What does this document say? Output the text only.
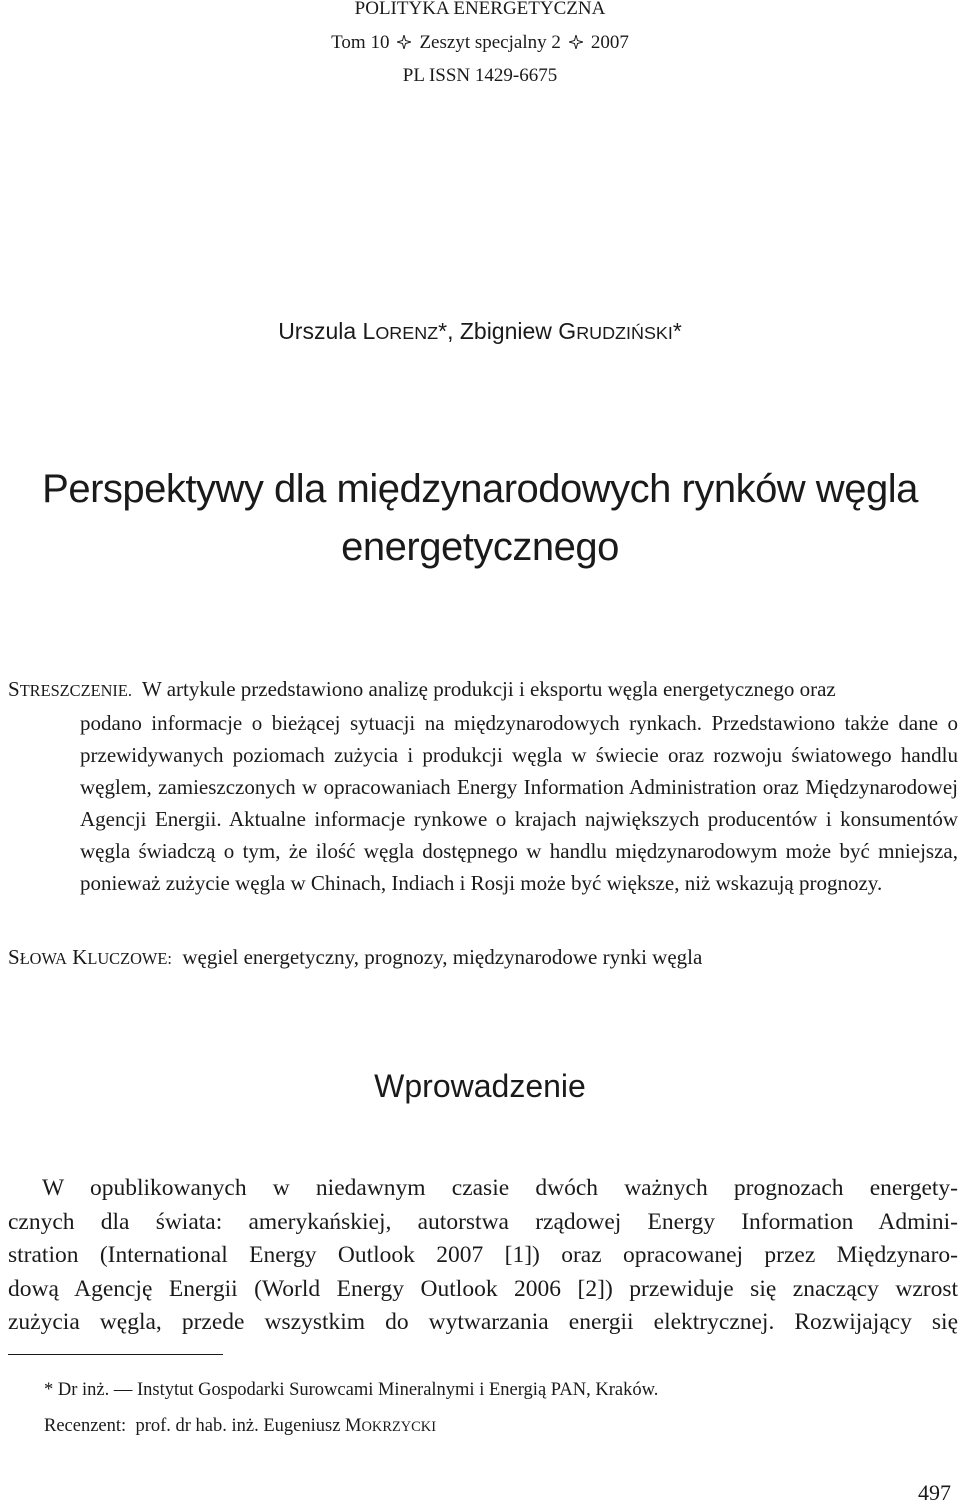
POLITYKA ENERGETYCZNA
Tom 10 Zeszyt specjalny 2 2007
PL ISSN 1429-6675
Urszula LORENZ*, Zbigniew GRUDZIŃSKI*
Perspektywy dla międzynarodowych rynków węgla
energetycznego
STRESZCZENIE. W artykule przedstawiono analizę produkcji i eksportu węgla energetycznego oraz
podano informacje o bieżącej sytuacji na międzynarodowych rynkach. Przedstawiono także dane o przewidywanych poziomach zużycia i produkcji węgla w świecie oraz rozwoju światowego handlu węglem, zamieszczonych w opracowaniach Energy Information Administration oraz Międzynarodowej Agencji Energii. Aktualne informacje rynkowe o krajach największych producentów i konsumentów węgla świadczą o tym, że ilość węgla dostępnego w handlu międzynarodowym może być mniejsza, ponieważ zużycie węgla w Chinach, Indiach i Rosji może być większe, niż wskazują prognozy.
SŁOWA KLUCZOWE: węgiel energetyczny, prognozy, międzynarodowe rynki węgla
Wprowadzenie
W opublikowanych w niedawnym czasie dwóch ważnych prognozach energety-
cznych dla świata: amerykańskiej, autorstwa rządowej Energy Information Admini-
stration (International Energy Outlook 2007 [1]) oraz opracowanej przez Międzynaro-
dową Agencję Energii (World Energy Outlook 2006 [2]) przewiduje się znaczący wzrost
zużycia węgla, przede wszystkim do wytwarzania energii elektrycznej. Rozwijający się
* Dr inż. — Instytut Gospodarki Surowcami Mineralnymi i Energią PAN, Kraków.
Recenzent: prof. dr hab. inż. Eugeniusz MOKRZYCKI
497
